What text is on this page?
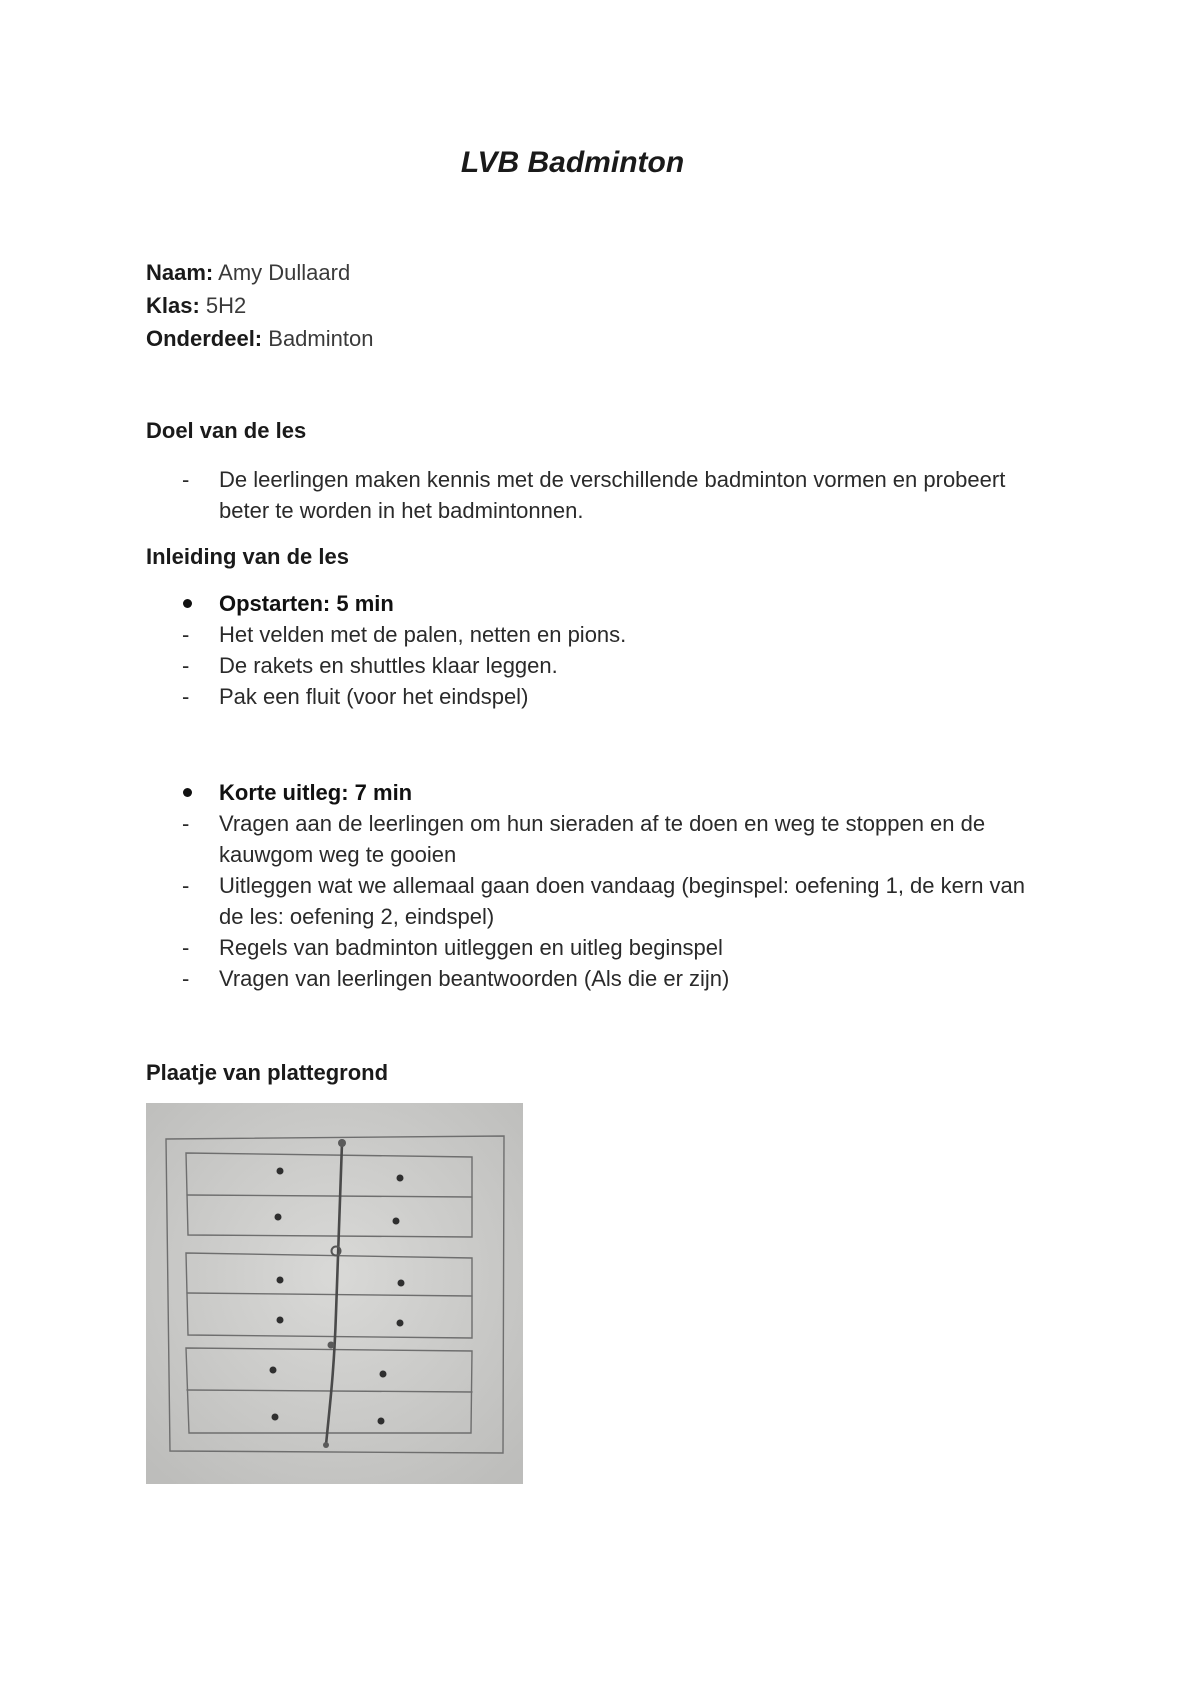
LVB Badminton
Naam: Amy Dullaard
Klas: 5H2
Onderdeel: Badminton
Doel van de les
-	De leerlingen maken kennis met de verschillende badminton vormen en probeert beter te worden in het badmintonnen.
Inleiding van de les
Opstarten: 5 min
-	Het velden met de palen, netten en pions.
-	De rakets en shuttles klaar leggen.
-	Pak een fluit (voor het eindspel)
Korte uitleg: 7 min
-	Vragen aan de leerlingen om hun sieraden af te doen en weg te stoppen en de kauwgom weg te gooien
-	Uitleggen wat we allemaal gaan doen vandaag (beginspel: oefening 1, de kern van de les: oefening 2, eindspel)
-	Regels van badminton uitleggen en uitleg beginspel
-	Vragen van leerlingen beantwoorden (Als die er zijn)
Plaatje van plattegrond
